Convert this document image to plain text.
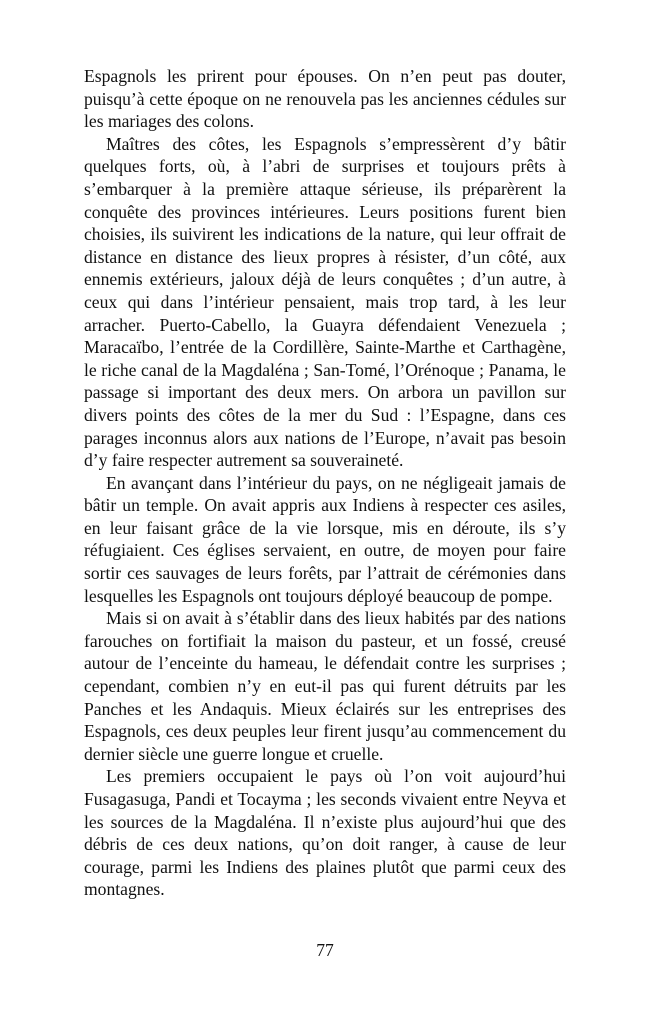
Espagnols les prirent pour épouses. On n’en peut pas douter, puisqu’à cette époque on ne renouvela pas les anciennes cédules sur les mariages des colons.

Maîtres des côtes, les Espagnols s’empressèrent d’y bâtir quelques forts, où, à l’abri de surprises et toujours prêts à s’embarquer à la première attaque sérieuse, ils préparèrent la conquête des provinces intérieures. Leurs positions furent bien choisies, ils suivirent les indications de la nature, qui leur offrait de distance en distance des lieux propres à résister, d’un côté, aux ennemis extérieurs, jaloux déjà de leurs conquêtes ; d’un autre, à ceux qui dans l’intérieur pensaient, mais trop tard, à les leur arracher. Puerto-Cabello, la Guayra défendaient Venezuela ; Maracaïbo, l’entrée de la Cordillère, Sainte-Marthe et Carthagène, le riche canal de la Magdaléna ; San-Tomé, l’Orénoque ; Panama, le passage si important des deux mers. On arbora un pavillon sur divers points des côtes de la mer du Sud : l’Espagne, dans ces parages inconnus alors aux nations de l’Europe, n’avait pas besoin d’y faire respecter autrement sa souveraineté.

En avançant dans l’intérieur du pays, on ne négligeait jamais de bâtir un temple. On avait appris aux Indiens à respecter ces asiles, en leur faisant grâce de la vie lorsque, mis en déroute, ils s’y réfugiaient. Ces églises servaient, en outre, de moyen pour faire sortir ces sauvages de leurs forêts, par l’attrait de cérémonies dans lesquelles les Espagnols ont toujours déployé beaucoup de pompe.

Mais si on avait à s’établir dans des lieux habités par des nations farouches on fortifiait la maison du pasteur, et un fossé, creusé autour de l’enceinte du hameau, le défendait contre les surprises ; cependant, combien n’y en eut-il pas qui furent détruits par les Panches et les Andaquis. Mieux éclairés sur les entreprises des Espagnols, ces deux peuples leur firent jusqu’au commencement du dernier siècle une guerre longue et cruelle.

Les premiers occupaient le pays où l’on voit aujourd’hui Fusagasuga, Pandi et Tocayma ; les seconds vivaient entre Neyva et les sources de la Magdaléna. Il n’existe plus aujourd’hui que des débris de ces deux nations, qu’on doit ranger, à cause de leur courage, parmi les Indiens des plaines plutôt que parmi ceux des montagnes.

77
